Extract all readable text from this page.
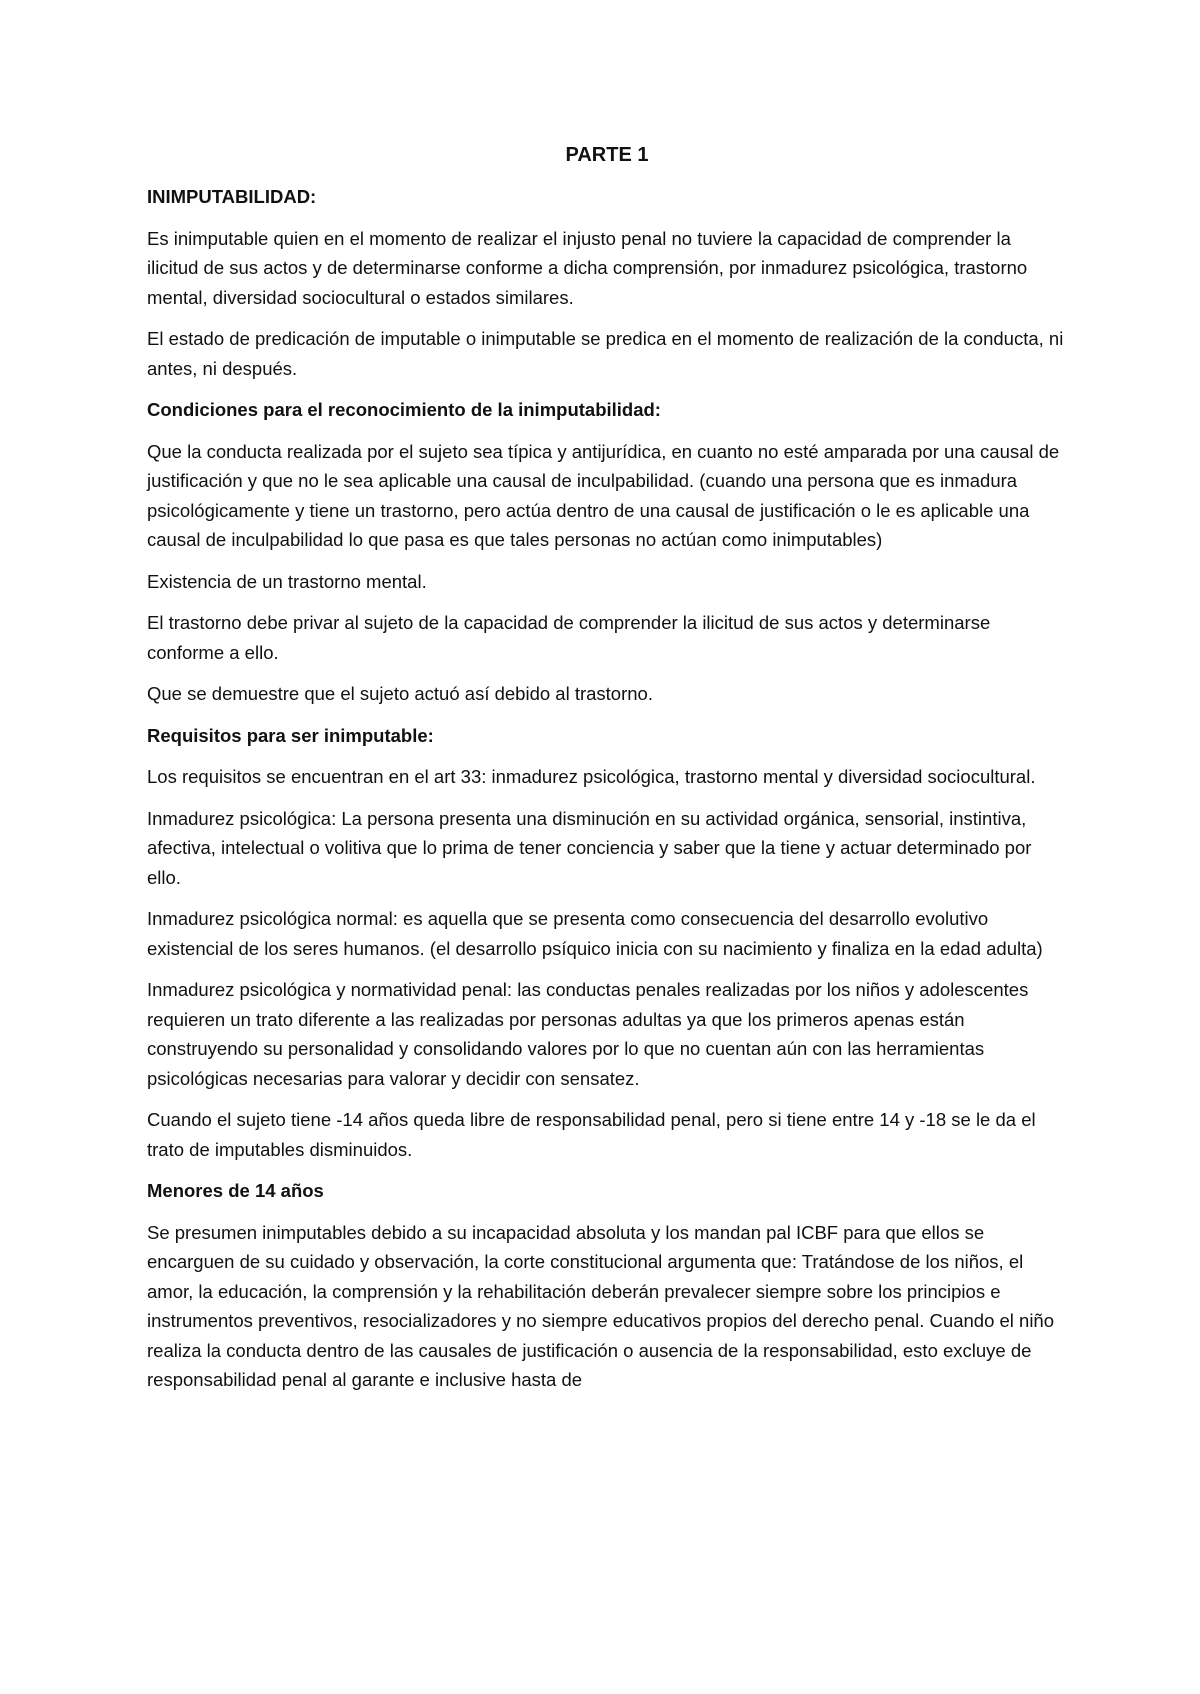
PARTE 1
INIMPUTABILIDAD:

Es inimputable quien en el momento de realizar el injusto penal no tuviere la capacidad de comprender la ilicitud de sus actos y de determinarse conforme a dicha comprensión, por inmadurez psicológica, trastorno mental, diversidad sociocultural o estados similares.

El estado de predicación de imputable o inimputable se predica en el momento de realización de la conducta, ni antes, ni después.

Condiciones para el reconocimiento de la inimputabilidad:

Que la conducta realizada por el sujeto sea típica y antijurídica, en cuanto no esté amparada por una causal de justificación y que no le sea aplicable una causal de inculpabilidad. (cuando una persona que es inmadura psicológicamente y tiene un trastorno, pero actúa dentro de una causal de justificación o le es aplicable una causal de inculpabilidad lo que pasa es que tales personas no actúan como inimputables)

Existencia de un trastorno mental.

El trastorno debe privar al sujeto de la capacidad de comprender la ilicitud de sus actos y determinarse conforme a ello.

Que se demuestre que el sujeto actuó así debido al trastorno.

Requisitos para ser inimputable:

Los requisitos se encuentran en el art 33: inmadurez psicológica, trastorno mental y diversidad sociocultural.

Inmadurez psicológica: La persona presenta una disminución en su actividad orgánica, sensorial, instintiva, afectiva, intelectual o volitiva que lo prima de tener conciencia y saber que la tiene y actuar determinado por ello.

Inmadurez psicológica normal: es aquella que se presenta como consecuencia del desarrollo evolutivo existencial de los seres humanos. (el desarrollo psíquico inicia con su nacimiento y finaliza en la edad adulta)

Inmadurez psicológica y normatividad penal: las conductas penales realizadas por los niños y adolescentes requieren un trato diferente a las realizadas por personas adultas ya que los primeros apenas están construyendo su personalidad y consolidando valores por lo que no cuentan aún con las herramientas psicológicas necesarias para valorar y decidir con sensatez.

Cuando el sujeto tiene -14 años queda libre de responsabilidad penal, pero si tiene entre 14 y -18 se le da el trato de imputables disminuidos.

Menores de 14 años

Se presumen inimputables debido a su incapacidad absoluta y los mandan pal ICBF para que ellos se encarguen de su cuidado y observación, la corte constitucional argumenta que: Tratándose de los niños, el amor, la educación, la comprensión y la rehabilitación deberán prevalecer siempre sobre los principios e instrumentos preventivos, resocializadores y no siempre educativos propios del derecho penal. Cuando el niño realiza la conducta dentro de las causales de justificación o ausencia de la responsabilidad, esto excluye de responsabilidad penal al garante e inclusive hasta de
